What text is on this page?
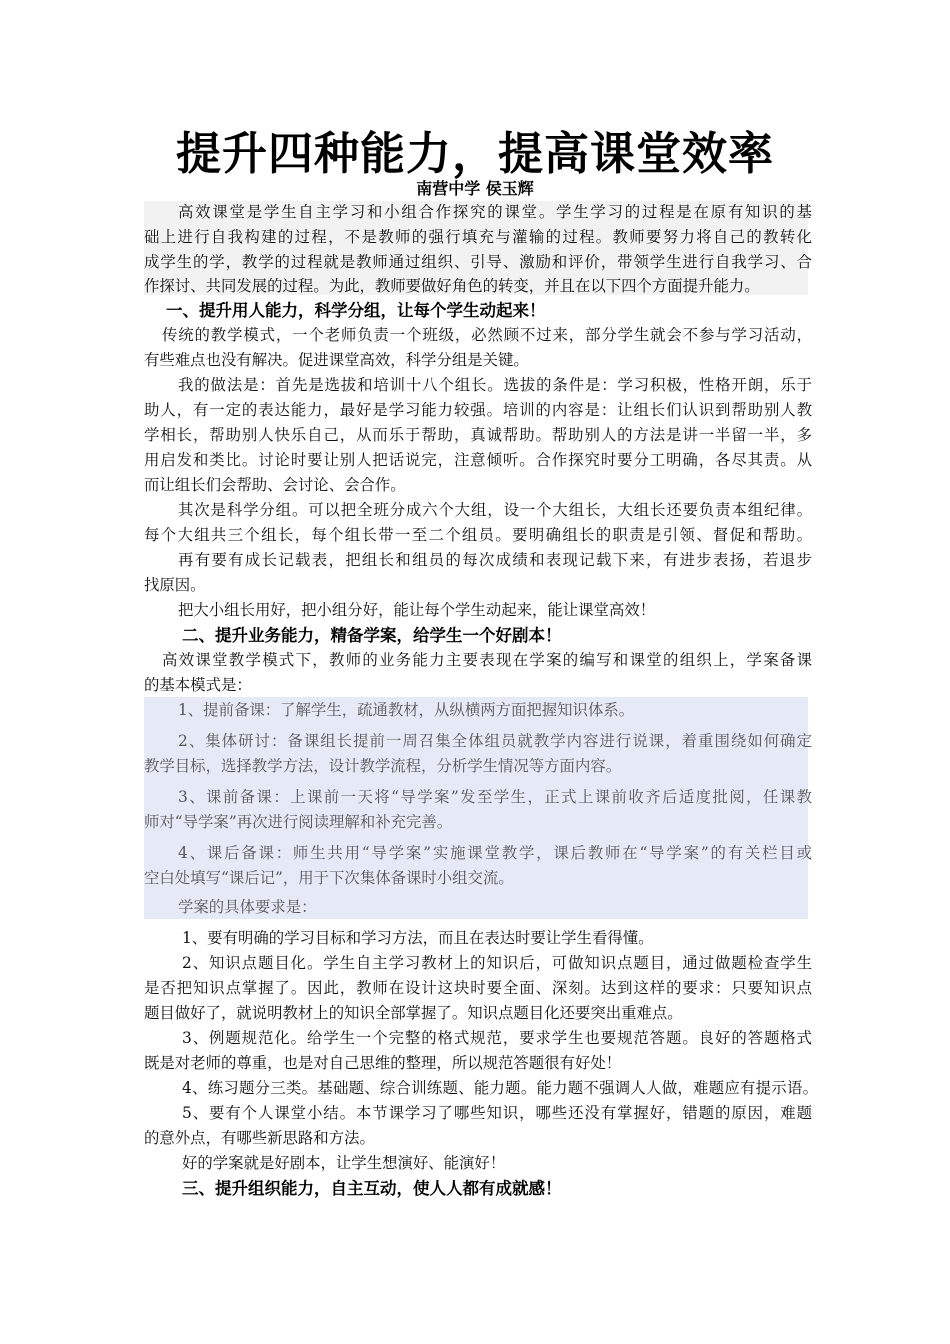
提升四种能力，提高课堂效率

南营中学 侯玉辉

高效课堂是学生自主学习和小组合作探究的课堂。学生学习的过程是在原有知识的基

础上进行自我构建的过程，不是教师的强行填充与灌输的过程。教师要努力将自己的教转化

成学生的学，教学的过程就是教师通过组织、引导、激励和评价，带领学生进行自我学习、合

作探讨、共同发展的过程。为此，教师要做好角色的转变，并且在以下四个方面提升能力。

一、提升用人能力，科学分组，让每个学生动起来！

传统的教学模式，一个老师负责一个班级，必然顾不过来，部分学生就会不参与学习活动，

有些难点也没有解决。促进课堂高效，科学分组是关键。

我的做法是：首先是选拔和培训十八个组长。选拔的条件是：学习积极，性格开朗，乐于

助人，有一定的表达能力，最好是学习能力较强。培训的内容是：让组长们认识到帮助别人教

学相长，帮助别人快乐自己，从而乐于帮助，真诚帮助。帮助别人的方法是讲一半留一半，多

用启发和类比。讨论时要让别人把话说完，注意倾听。合作探究时要分工明确，各尽其责。从

而让组长们会帮助、会讨论、会合作。

其次是科学分组。可以把全班分成六个大组，设一个大组长，大组长还要负责本组纪律。

每个大组共三个组长，每个组长带一至二个组员。要明确组长的职责是引领、督促和帮助。

再有要有成长记载表，把组长和组员的每次成绩和表现记载下来，有进步表扬，若退步

找原因。

把大小组长用好，把小组分好，能让每个学生动起来，能让课堂高效！

二、提升业务能力，精备学案，给学生一个好剧本！

高效课堂教学模式下，教师的业务能力主要表现在学案的编写和课堂的组织上，学案备课

的基本模式是：

1、提前备课：了解学生，疏通教材，从纵横两方面把握知识体系。

2、集体研讨：备课组长提前一周召集全体组员就教学内容进行说课，着重围绕如何确定

教学目标，选择教学方法，设计教学流程，分析学生情况等方面内容。

3、课前备课：上课前一天将“导学案”发至学生，正式上课前收齐后适度批阅，任课教

师对“导学案”再次进行阅读理解和补充完善。

4、课后备课：师生共用“导学案”实施课堂教学，课后教师在“导学案”的有关栏目或

空白处填写“课后记”，用于下次集体备课时小组交流。

学案的具体要求是：

1、要有明确的学习目标和学习方法，而且在表达时要让学生看得懂。

2、知识点题目化。学生自主学习教材上的知识后，可做知识点题目，通过做题检查学生

是否把知识点掌握了。因此，教师在设计这块时要全面、深刻。达到这样的要求：只要知识点

题目做好了，就说明教材上的知识全部掌握了。知识点题目化还要突出重难点。

3、例题规范化。给学生一个完整的格式规范，要求学生也要规范答题。良好的答题格式

既是对老师的尊重，也是对自己思维的整理，所以规范答题很有好处！

4、练习题分三类。基础题、综合训练题、能力题。能力题不强调人人做，难题应有提示语。

5、要有个人课堂小结。本节课学习了哪些知识，哪些还没有掌握好，错题的原因，难题

的意外点，有哪些新思路和方法。

好的学案就是好剧本，让学生想演好、能演好！

三、提升组织能力，自主互动，使人人都有成就感！
